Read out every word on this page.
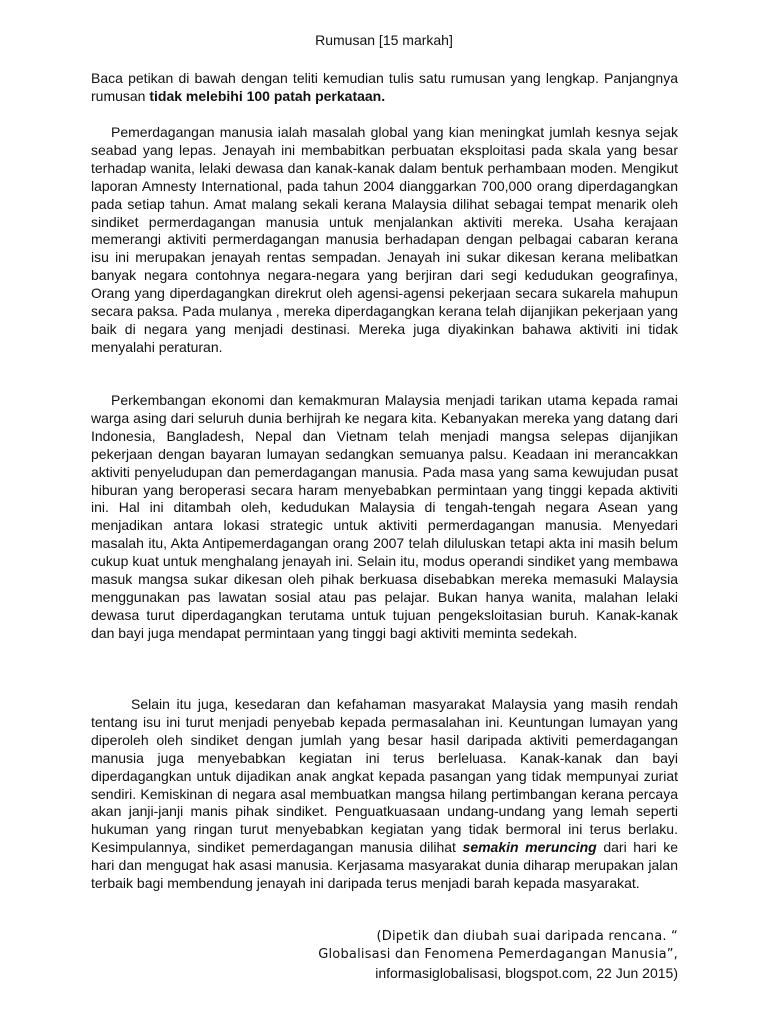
Rumusan [15 markah]

Baca petikan di bawah dengan teliti kemudian tulis satu rumusan yang lengkap. Panjangnya rumusan tidak melebihi 100 patah perkataan.

Pemerdagangan manusia ialah masalah global yang kian meningkat jumlah kesnya sejak seabad yang lepas. Jenayah ini membabitkan perbuatan eksploitasi pada skala yang besar terhadap wanita, lelaki dewasa dan kanak-kanak dalam bentuk perhambaan moden. Mengikut laporan Amnesty International, pada tahun 2004 dianggarkan 700,000 orang diperdagangkan pada setiap tahun. Amat malang sekali kerana Malaysia dilihat sebagai tempat menarik oleh sindiket permerdagangan manusia untuk menjalankan aktiviti mereka. Usaha kerajaan memerangi aktiviti permerdagangan manusia berhadapan dengan pelbagai cabaran kerana isu ini merupakan jenayah rentas sempadan. Jenayah ini sukar dikesan kerana melibatkan banyak negara contohnya negara-negara yang berjiran dari segi kedudukan geografinya, Orang yang diperdagangkan direkrut oleh agensi-agensi pekerjaan secara sukarela mahupun secara paksa. Pada mulanya , mereka diperdagangkan kerana telah dijanjikan pekerjaan yang baik di negara yang menjadi destinasi. Mereka juga diyakinkan bahawa aktiviti ini tidak menyalahi peraturan.

Perkembangan ekonomi dan kemakmuran Malaysia menjadi tarikan utama kepada ramai warga asing dari seluruh dunia berhijrah ke negara kita. Kebanyakan mereka yang datang dari Indonesia, Bangladesh, Nepal dan Vietnam telah menjadi mangsa selepas dijanjikan pekerjaan dengan bayaran lumayan sedangkan semuanya palsu. Keadaan ini merancakkan aktiviti penyeludupan dan pemerdagangan manusia. Pada masa yang sama kewujudan pusat hiburan yang beroperasi secara haram menyebabkan permintaan yang tinggi kepada aktiviti ini. Hal ini ditambah oleh, kedudukan Malaysia di tengah-tengah negara Asean yang menjadikan antara lokasi strategic untuk aktiviti permerdagangan manusia. Menyedari masalah itu, Akta Antipemerdagangan orang 2007 telah diluluskan tetapi akta ini masih belum cukup kuat untuk menghalang jenayah ini. Selain itu, modus operandi sindiket yang membawa masuk mangsa sukar dikesan oleh pihak berkuasa disebabkan mereka memasuki Malaysia menggunakan pas lawatan sosial atau pas pelajar. Bukan hanya wanita, malahan lelaki dewasa turut diperdagangkan terutama untuk tujuan pengeksloitasian buruh. Kanak-kanak dan bayi juga mendapat permintaan yang tinggi bagi aktiviti meminta sedekah.

Selain itu juga, kesedaran dan kefahaman masyarakat Malaysia yang masih rendah tentang isu ini turut menjadi penyebab kepada permasalahan ini. Keuntungan lumayan yang diperoleh oleh sindiket dengan jumlah yang besar hasil daripada aktiviti pemerdagangan manusia juga menyebabkan kegiatan ini terus berleluasa. Kanak-kanak dan bayi diperdagangkan untuk dijadikan anak angkat kepada pasangan yang tidak mempunyai zuriat sendiri. Kemiskinan di negara asal membuatkan mangsa hilang pertimbangan kerana percaya akan janji-janji manis pihak sindiket. Penguatkuasaan undang-undang yang lemah seperti hukuman yang ringan turut menyebabkan kegiatan yang tidak bermoral ini terus berlaku. Kesimpulannya, sindiket pemerdagangan manusia dilihat semakin meruncing dari hari ke hari dan mengugat hak asasi manusia. Kerjasama masyarakat dunia diharap merupakan jalan terbaik bagi membendung jenayah ini daripada terus menjadi barah kepada masyarakat.

(Dipetik dan diubah suai daripada rencana. “
Globalisasi dan Fenomena Pemerdagangan Manusia”,
informasiglobalisasi, blogspot.com, 22 Jun 2015)
